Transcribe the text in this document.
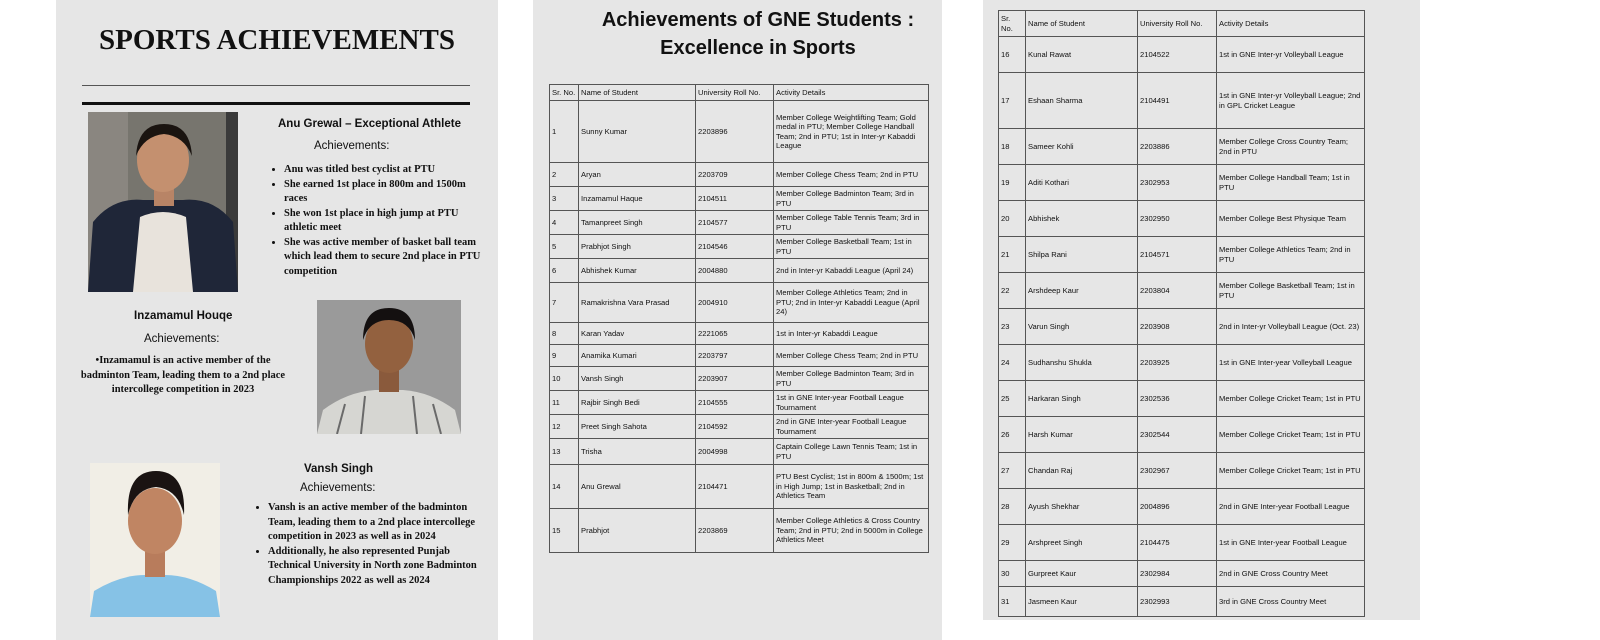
SPORTS ACHIEVEMENTS
Anu Grewal – Exceptional Athlete
Achievements:
• Anu was titled best cyclist at PTU
• She earned 1st place in 800m and 1500m races
• She won 1st place in high jump at PTU athletic meet
• She was active member of basket ball team which lead them to secure 2nd place in PTU competition
Inzamamul Houqe
Achievements:
•Inzamamul is an active member of the badminton Team, leading them to a 2nd place intercollege competition in 2023
Vansh Singh
Achievements:
• Vansh is an active member of the badminton Team, leading them to a 2nd place intercollege competition in 2023 as well as in 2024
• Additionally, he also represented Punjab Technical University in North zone Badminton Championships 2022 as well as 2024
Achievements of GNE Students :
Excellence in Sports
Sr. No.	Name of Student	University Roll No.	Activity Details
1	Sunny Kumar	2203896	Member College Weightlifting Team; Gold medal in PTU; Member College Handball Team; 2nd in PTU; 1st in Inter-yr Kabaddi League
2	Aryan	2203709	Member College Chess Team; 2nd in PTU
3	Inzamamul Haque	2104511	Member College Badminton Team; 3rd in PTU
4	Tamanpreet Singh	2104577	Member College Table Tennis Team; 3rd in PTU
5	Prabhjot Singh	2104546	Member College Basketball Team; 1st in PTU
6	Abhishek Kumar	2004880	2nd in Inter-yr Kabaddi League (April 24)
7	Ramakrishna Vara Prasad	2004910	Member College Athletics Team; 2nd in PTU; 2nd in Inter-yr Kabaddi League (April 24)
8	Karan Yadav	2221065	1st in Inter-yr Kabaddi League
9	Anamika Kumari	2203797	Member College Chess Team; 2nd in PTU
10	Vansh Singh	2203907	Member College Badminton Team; 3rd in PTU
11	Rajbir Singh Bedi	2104555	1st in GNE Inter-year Football League Tournament
12	Preet Singh Sahota	2104592	2nd in GNE Inter-year Football League Tournament
13	Trisha	2004998	Captain College Lawn Tennis Team; 1st in PTU
14	Anu Grewal	2104471	PTU Best Cyclist; 1st in 800m & 1500m; 1st in High Jump; 1st in Basketball; 2nd in Athletics Team
15	Prabhjot	2203869	Member College Athletics & Cross Country Team; 2nd in PTU; 2nd in 5000m in College Athletics Meet
Sr. No.	Name of Student	University Roll No.	Activity Details
16	Kunal Rawat	2104522	1st in GNE Inter-yr Volleyball League
17	Eshaan Sharma	2104491	1st in GNE Inter-yr Volleyball League; 2nd in GPL Cricket League
18	Sameer Kohli	2203886	Member College Cross Country Team; 2nd in PTU
19	Aditi Kothari	2302953	Member College Handball Team; 1st in PTU
20	Abhishek	2302950	Member College Best Physique Team
21	Shilpa Rani	2104571	Member College Athletics Team; 2nd in PTU
22	Arshdeep Kaur	2203804	Member College Basketball Team; 1st in PTU
23	Varun Singh	2203908	2nd in Inter-yr Volleyball League (Oct. 23)
24	Sudhanshu Shukla	2203925	1st in GNE Inter-year Volleyball League
25	Harkaran Singh	2302536	Member College Cricket Team; 1st in PTU
26	Harsh Kumar	2302544	Member College Cricket Team; 1st in PTU
27	Chandan Raj	2302967	Member College Cricket Team; 1st in PTU
28	Ayush Shekhar	2004896	2nd in GNE Inter-year Football League
29	Arshpreet Singh	2104475	1st in GNE Inter-year Football League
30	Gurpreet Kaur	2302984	2nd in GNE Cross Country Meet
31	Jasmeen Kaur	2302993	3rd in GNE Cross Country Meet
